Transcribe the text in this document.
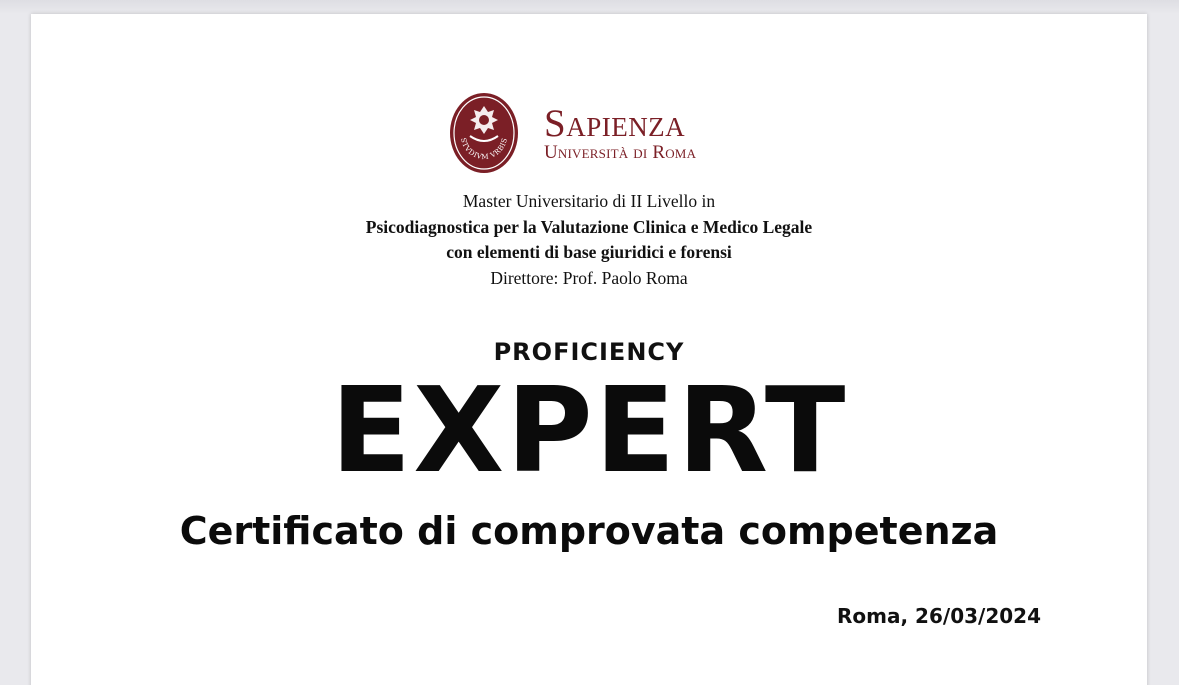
STVDIVM VRBIS Sapienza
Università di Roma
Master Universitario di II Livello in
Psicodiagnostica per la Valutazione Clinica e Medico Legale
con elementi di base giuridici e forensi
Direttore: Prof. Paolo Roma
PROFICIENCY
EXPERT
Certificato di comprovata competenza
Roma, 26/03/2024
